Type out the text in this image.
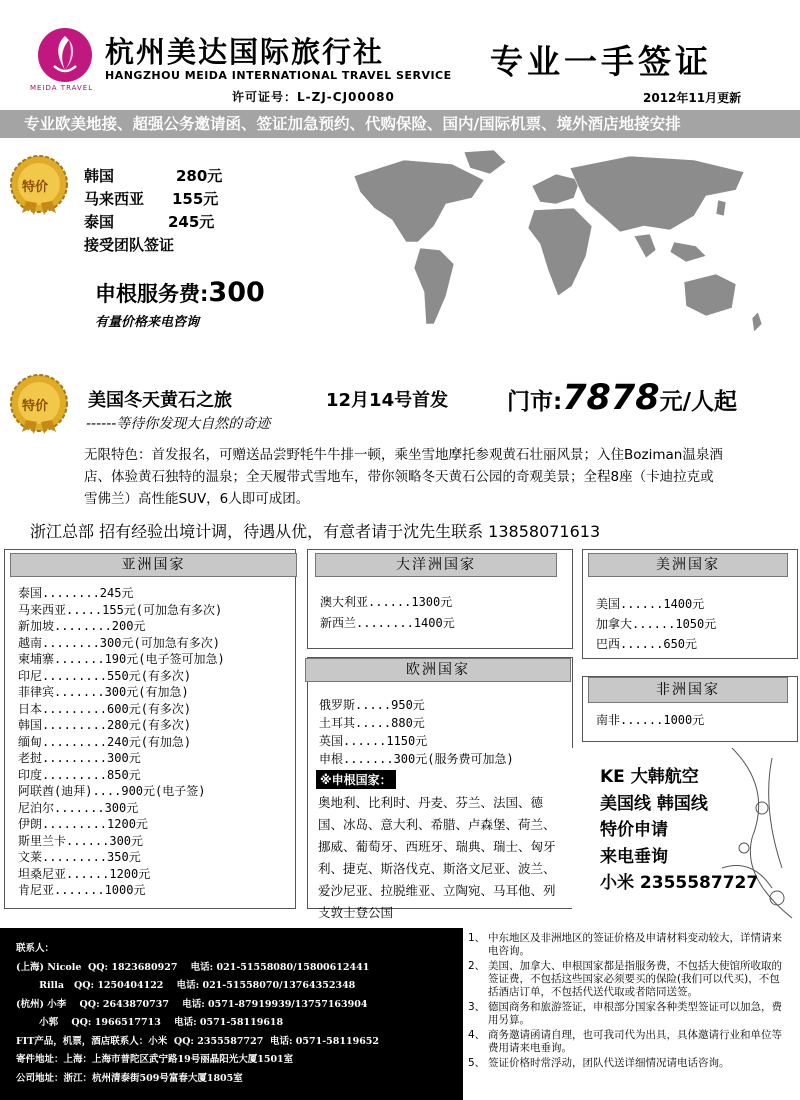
MEIDA TRAVEL
杭州美达国际旅行社
HANGZHOU MEIDA INTERNATIONAL TRAVEL SERVICE
许可证号：L-ZJ-CJ00080
专业一手签证
2012年11月更新
专业欧美地接、超强公务邀请函、签证加急预约、代购保险、国内/国际机票、境外酒店地接安排
特价
韩国	280元
马来西亚 155元
泰国	245元
接受团队签证
申根服务费:300
有量价格来电咨询
特价 美国冬天黄石之旅	12月14号首发	门市:7878元/人起
------等待你发现大自然的奇迹
无限特色：首发报名，可赠送品尝野牦牛牛排一顿，乘坐雪地摩托参观黄石壮丽风景；入住Boziman温泉酒店、体验黄石独特的温泉；全天履带式雪地车，带你领略冬天黄石公园的奇观美景；全程8座（卡迪拉克或雪佛兰）高性能SUV，6人即可成团。
浙江总部 招有经验出境计调，待遇从优，有意者请于沈先生联系 13858071613
亚洲国家	大洋洲国家
欧洲国家
美洲国家
非洲国家
泰国........245元
马来西亚.....155元(可加急有多次)
新加坡........200元
越南........300元(可加急有多次)
柬埔寨.......190元(电子签可加急)
印尼.........550元(有多次)
菲律宾.......300元(有加急)
日本.........600元(有多次)
韩国.........280元(有多次)
缅甸.........240元(有加急)
老挝.........300元
印度.........850元
阿联酋(迪拜)....900元(电子签)
尼泊尔.......300元
伊朗.........1200元
斯里兰卡......300元
文莱.........350元
坦桑尼亚......1200元
肯尼亚.......1000元
澳大利亚......1300元
新西兰........1400元
美国......1400元
加拿大......1050元
巴西......650元
俄罗斯.....950元
土耳其.....880元
英国......1150元
申根.......300元(服务费可加急)
南非......1000元
※申根国家：
奥地利、比利时、丹麦、芬兰、法国、德国、冰岛、意大利、希腊、卢森堡、荷兰、挪威、葡萄牙、西班牙、瑞典、瑞士、匈牙利、捷克、斯洛伐克、斯洛文尼亚、波兰、爱沙尼亚、拉脱维亚、立陶宛、马耳他、列支敦士登公国
KE 大韩航空
美国线 韩国线
特价申请
来电垂询
小米 2355587727
联系人：
(上海) Nicole  QQ: 1823680927    电话: 021-51558080/15800612441
Rilla   QQ: 1250404122    电话: 021-51558070/13764352348
(杭州) 小李    QQ: 2643870737    电话: 0571-87919939/13757163904
小郭    QQ: 1966517713    电话: 0571-58119618
FIT产品，机票，酒店联系人：小米  QQ: 2355587727  电话: 0571-58119652
寄件地址：上海：上海市普陀区武宁路19号丽晶阳光大厦1501室
公司地址：浙江：杭州清泰街509号富春大厦1805室
1、 中东地区及非洲地区的签证价格及申请材料变动较大，详情请来电咨询。
2、 美国、加拿大、申根国家都是指服务费，不包括大使馆所收取的签证费，不包括这些国家必须要买的保险(我们可以代买)，不包括酒店订单，不包括代送代取或者陪同送签。
3、 德国商务和旅游签证，申根部分国家各种类型签证可以加急，费用另算。
4、 商务邀请函请自理，也可我司代为出具，具体邀请行业和单位等费用请来电垂询。
5、 签证价格时常浮动，团队代送详细情况请电话咨询。
